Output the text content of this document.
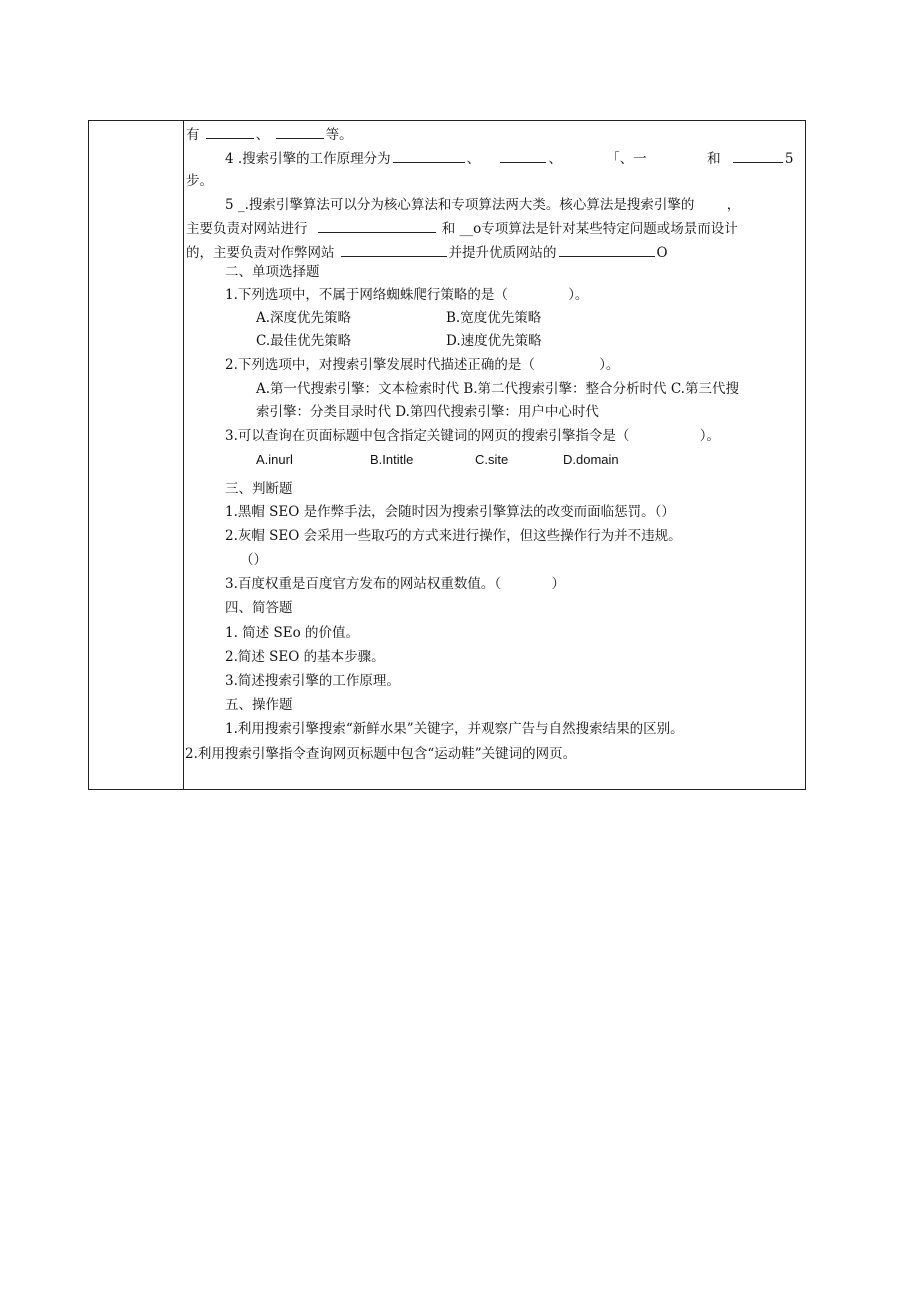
有	、	等。
4 .搜索引擎的工作原理分为	、	、	「、一	和	5
步。
5 _.搜索引擎算法可以分为核心算法和专项算法两大类。核心算法是搜索引擎的 ，
主要负责对网站进行	和 __o专项算法是针对某些特定问题或场景而设计
的，主要负责对作弊网站	并提升优质网站的	O
二、单项选择题
1.下列选项中，不属于网络蜘蛛爬行策略的是（	）。
A.深度优先策略	B.宽度优先策略
C.最佳优先策略	D.速度优先策略
2.下列选项中，对搜索引擎发展时代描述正确的是（	）。
A.第一代搜索引擎：文本检索时代 B.第二代搜索引擎：整合分析时代 C.第三代搜
索引擎：分类目录时代 D.第四代搜索引擎：用户中心时代
3.可以查询在页面标题中包含指定关键词的网页的搜索引擎指令是（	）。
A.inurl	B.Intitle	C.site	D.domain
三、判断题
1.黑帽 SEO 是作弊手法，会随时因为搜索引擎算法的改变而面临惩罚。（）
2.灰帽 SEO 会采用一些取巧的方式来进行操作，但这些操作行为并不违规。
（）
3.百度权重是百度官方发布的网站权重数值。（	）
四、简答题
1. 简述 SEo 的价值。
2.简述 SEO 的基本步骤。
3.简述搜索引擎的工作原理。
五、操作题
1.利用搜索引擎搜索“新鲜水果”关键字，并观察广告与自然搜索结果的区别。
2.利用搜索引擎指令查询网页标题中包含“运动鞋”关键词的网页。
